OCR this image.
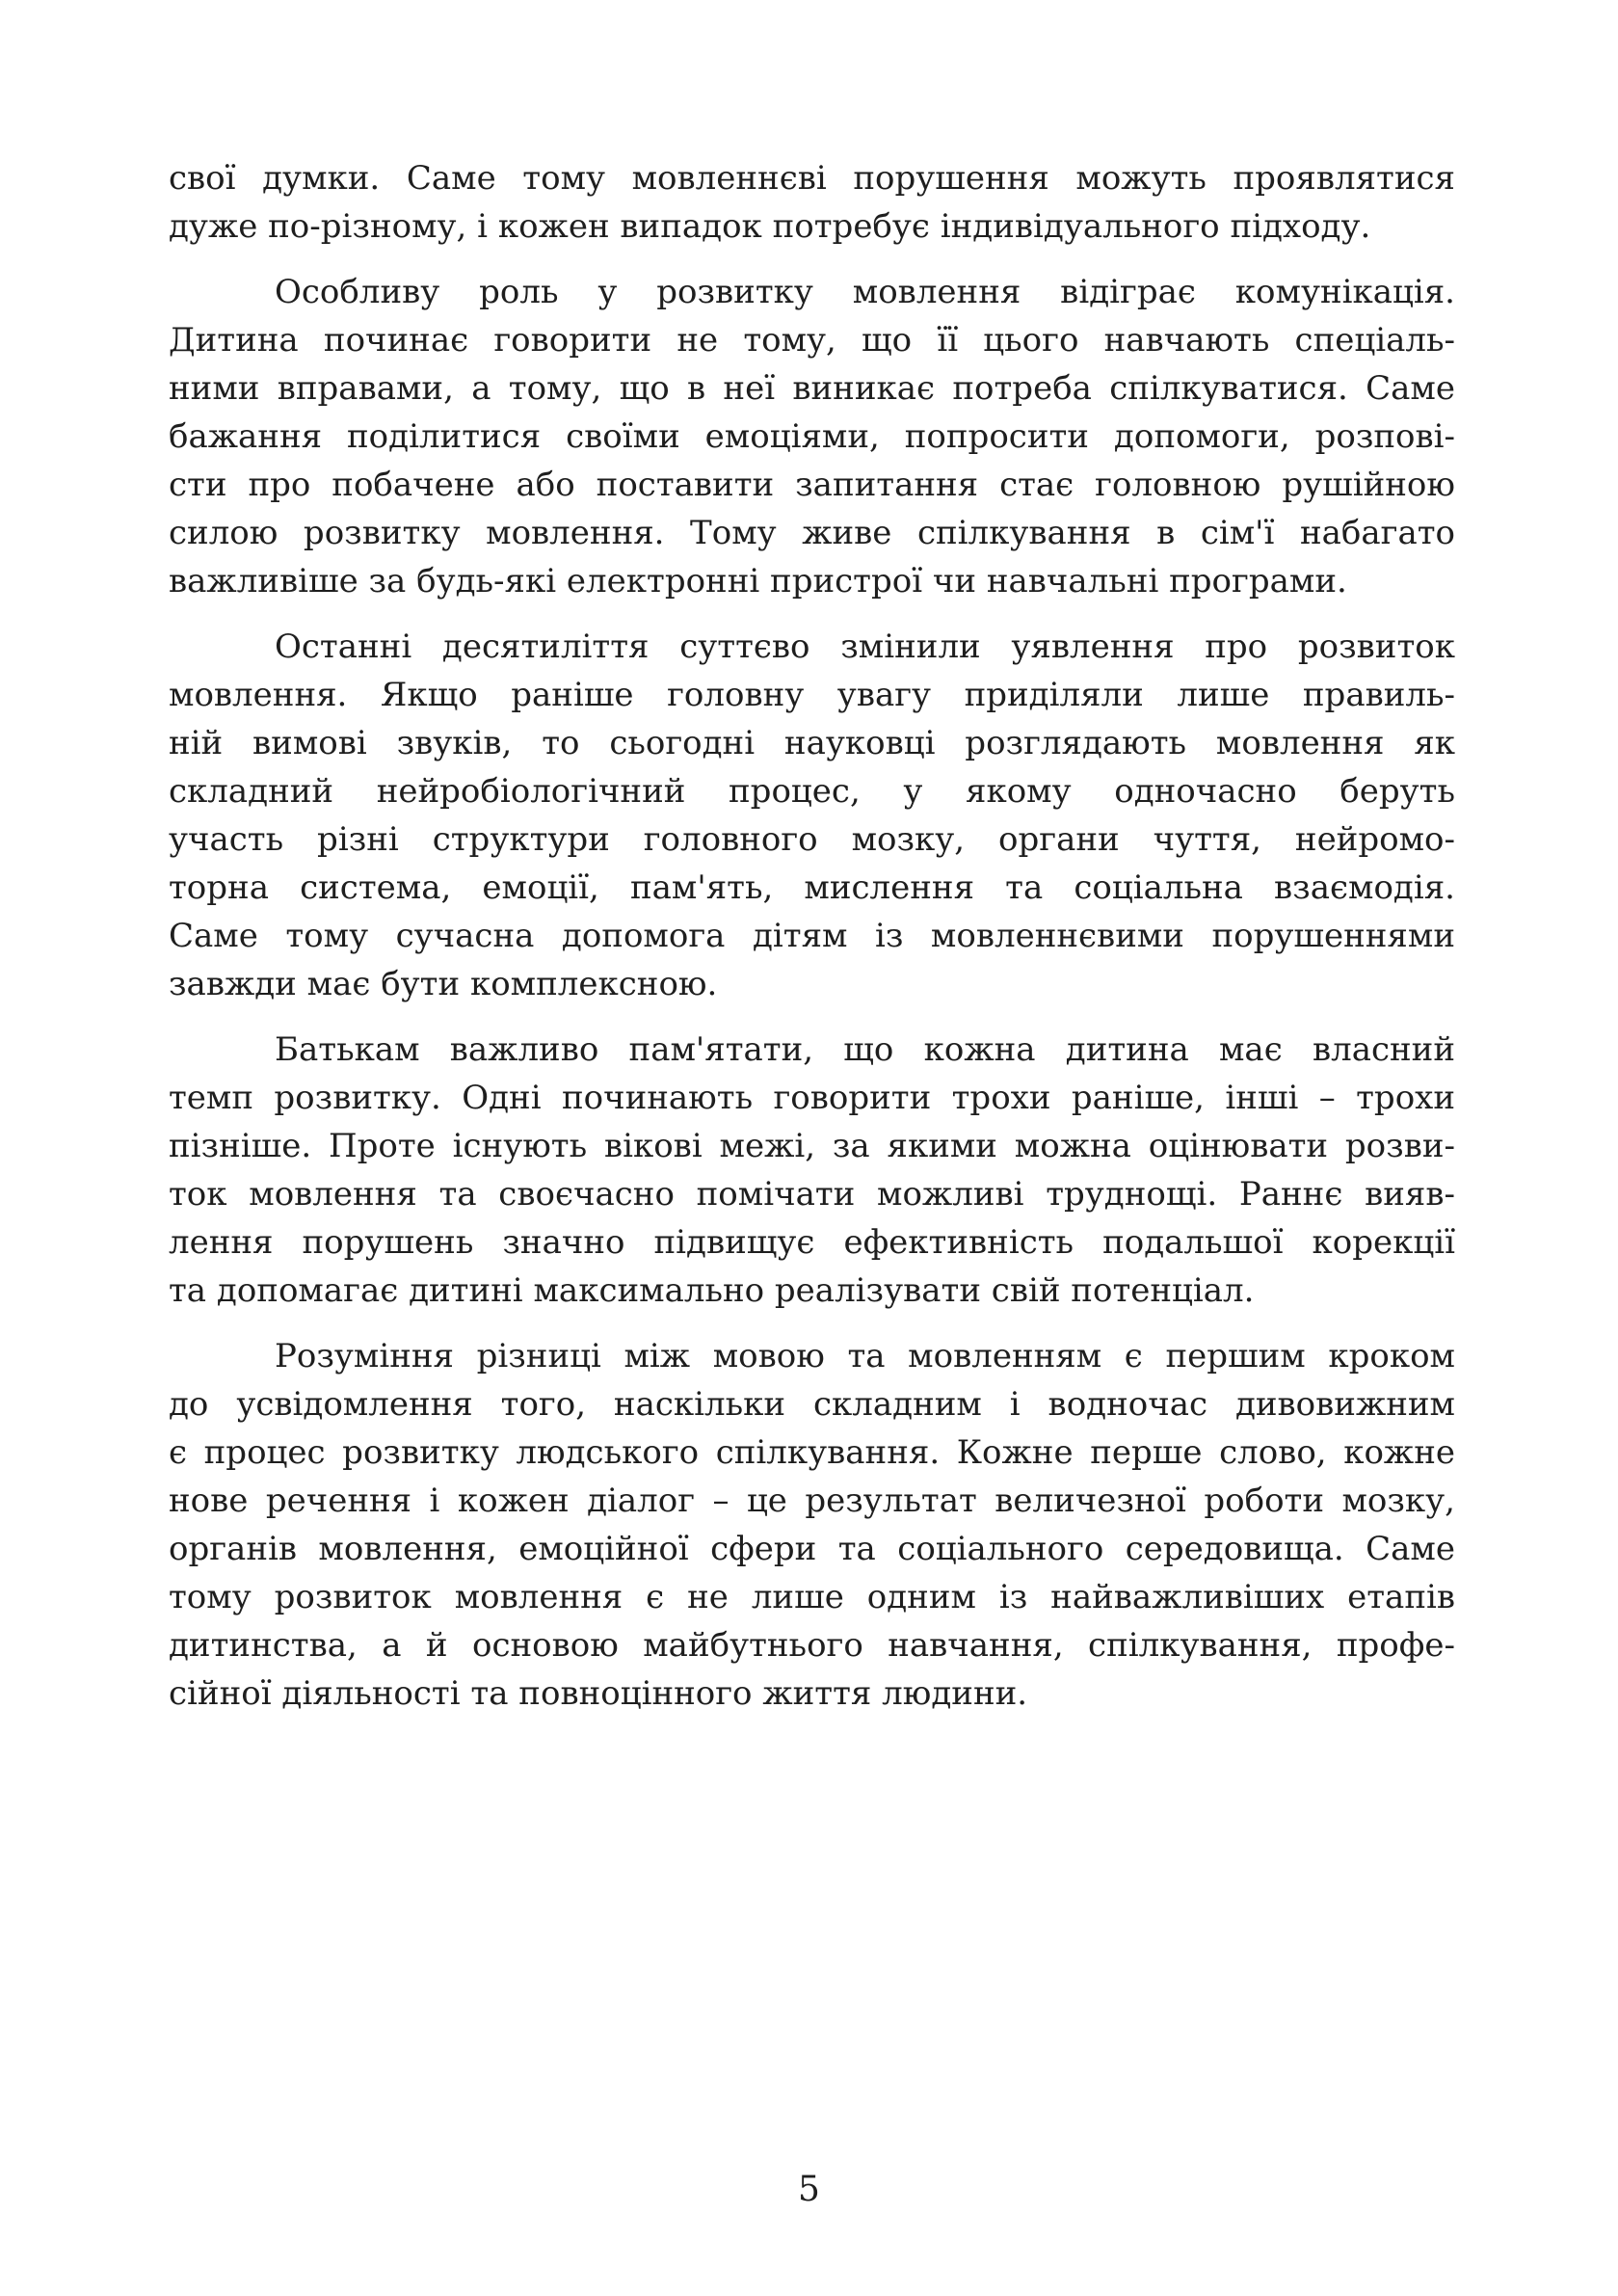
свої думки. Саме тому мовленнєві порушення можуть проявлятися
дуже по-різному, і кожен випадок потребує індивідуального підходу.
Особливу роль у розвитку мовлення відіграє комунікація.
Дитина починає говорити не тому, що її цього навчають спеціаль-
ними вправами, а тому, що в неї виникає потреба спілкуватися. Саме
бажання поділитися своїми емоціями, попросити допомоги, розпові-
сти про побачене або поставити запитання стає головною рушійною
силою розвитку мовлення. Тому живе спілкування в сім'ї набагато
важливіше за будь-які електронні пристрої чи навчальні програми.
Останні десятиліття суттєво змінили уявлення про розвиток
мовлення. Якщо раніше головну увагу приділяли лише правиль-
ній вимові звуків, то сьогодні науковці розглядають мовлення як
складний нейробіологічний процес, у якому одночасно беруть
участь різні структури головного мозку, органи чуття, нейромо-
торна система, емоції, пам'ять, мислення та соціальна взаємодія.
Саме тому сучасна допомога дітям із мовленнєвими порушеннями
завжди має бути комплексною.
Батькам важливо пам'ятати, що кожна дитина має власний
темп розвитку. Одні починають говорити трохи раніше, інші – трохи
пізніше. Проте існують вікові межі, за якими можна оцінювати розви-
ток мовлення та своєчасно помічати можливі труднощі. Раннє вияв-
лення порушень значно підвищує ефективність подальшої корекції
та допомагає дитині максимально реалізувати свій потенціал.
Розуміння різниці між мовою та мовленням є першим кроком
до усвідомлення того, наскільки складним і водночас дивовижним
є процес розвитку людського спілкування. Кожне перше слово, кожне
нове речення і кожен діалог – це результат величезної роботи мозку,
органів мовлення, емоційної сфери та соціального середовища. Саме
тому розвиток мовлення є не лише одним із найважливіших етапів
дитинства, а й основою майбутнього навчання, спілкування, профе-
сійної діяльності та повноцінного життя людини.
5
